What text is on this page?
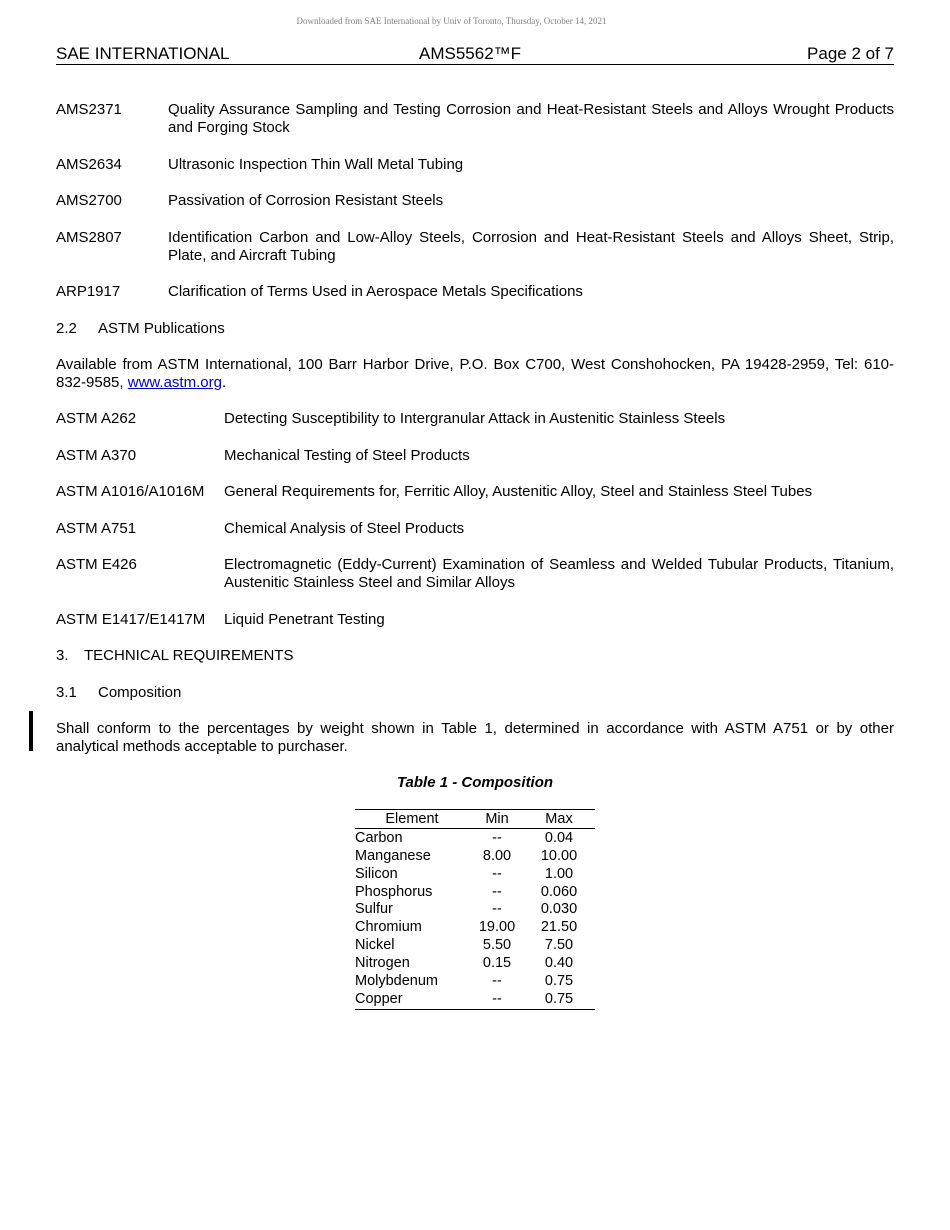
Downloaded from SAE International by Univ of Toronto, Thursday, October 14, 2021
SAE INTERNATIONAL	AMS5562™F	Page 2 of 7
AMS2371	Quality Assurance Sampling and Testing Corrosion and Heat-Resistant Steels and Alloys Wrought Products and Forging Stock
AMS2634	Ultrasonic Inspection Thin Wall Metal Tubing
AMS2700	Passivation of Corrosion Resistant Steels
AMS2807	Identification Carbon and Low-Alloy Steels, Corrosion and Heat-Resistant Steels and Alloys Sheet, Strip, Plate, and Aircraft Tubing
ARP1917	Clarification of Terms Used in Aerospace Metals Specifications
2.2 ASTM Publications
Available from ASTM International, 100 Barr Harbor Drive, P.O. Box C700, West Conshohocken, PA 19428-2959, Tel: 610-832-9585, www.astm.org.
ASTM A262	Detecting Susceptibility to Intergranular Attack in Austenitic Stainless Steels
ASTM A370	Mechanical Testing of Steel Products
ASTM A1016/A1016M General Requirements for, Ferritic Alloy, Austenitic Alloy, Steel and Stainless Steel Tubes
ASTM A751	Chemical Analysis of Steel Products
ASTM E426	Electromagnetic (Eddy-Current) Examination of Seamless and Welded Tubular Products, Titanium, Austenitic Stainless Steel and Similar Alloys
ASTM E1417/E1417M Liquid Penetrant Testing
3. TECHNICAL REQUIREMENTS
3.1 Composition
Shall conform to the percentages by weight shown in Table 1, determined in accordance with ASTM A751 or by other analytical methods acceptable to purchaser.
Table 1 - Composition
Element	Min	Max
Carbon	--	0.04
Manganese	8.00	10.00
Silicon	--	1.00
Phosphorus	--	0.060
Sulfur	--	0.030
Chromium	19.00	21.50
Nickel	5.50	7.50
Nitrogen	0.15	0.40
Molybdenum	--	0.75
Copper	--	0.75
